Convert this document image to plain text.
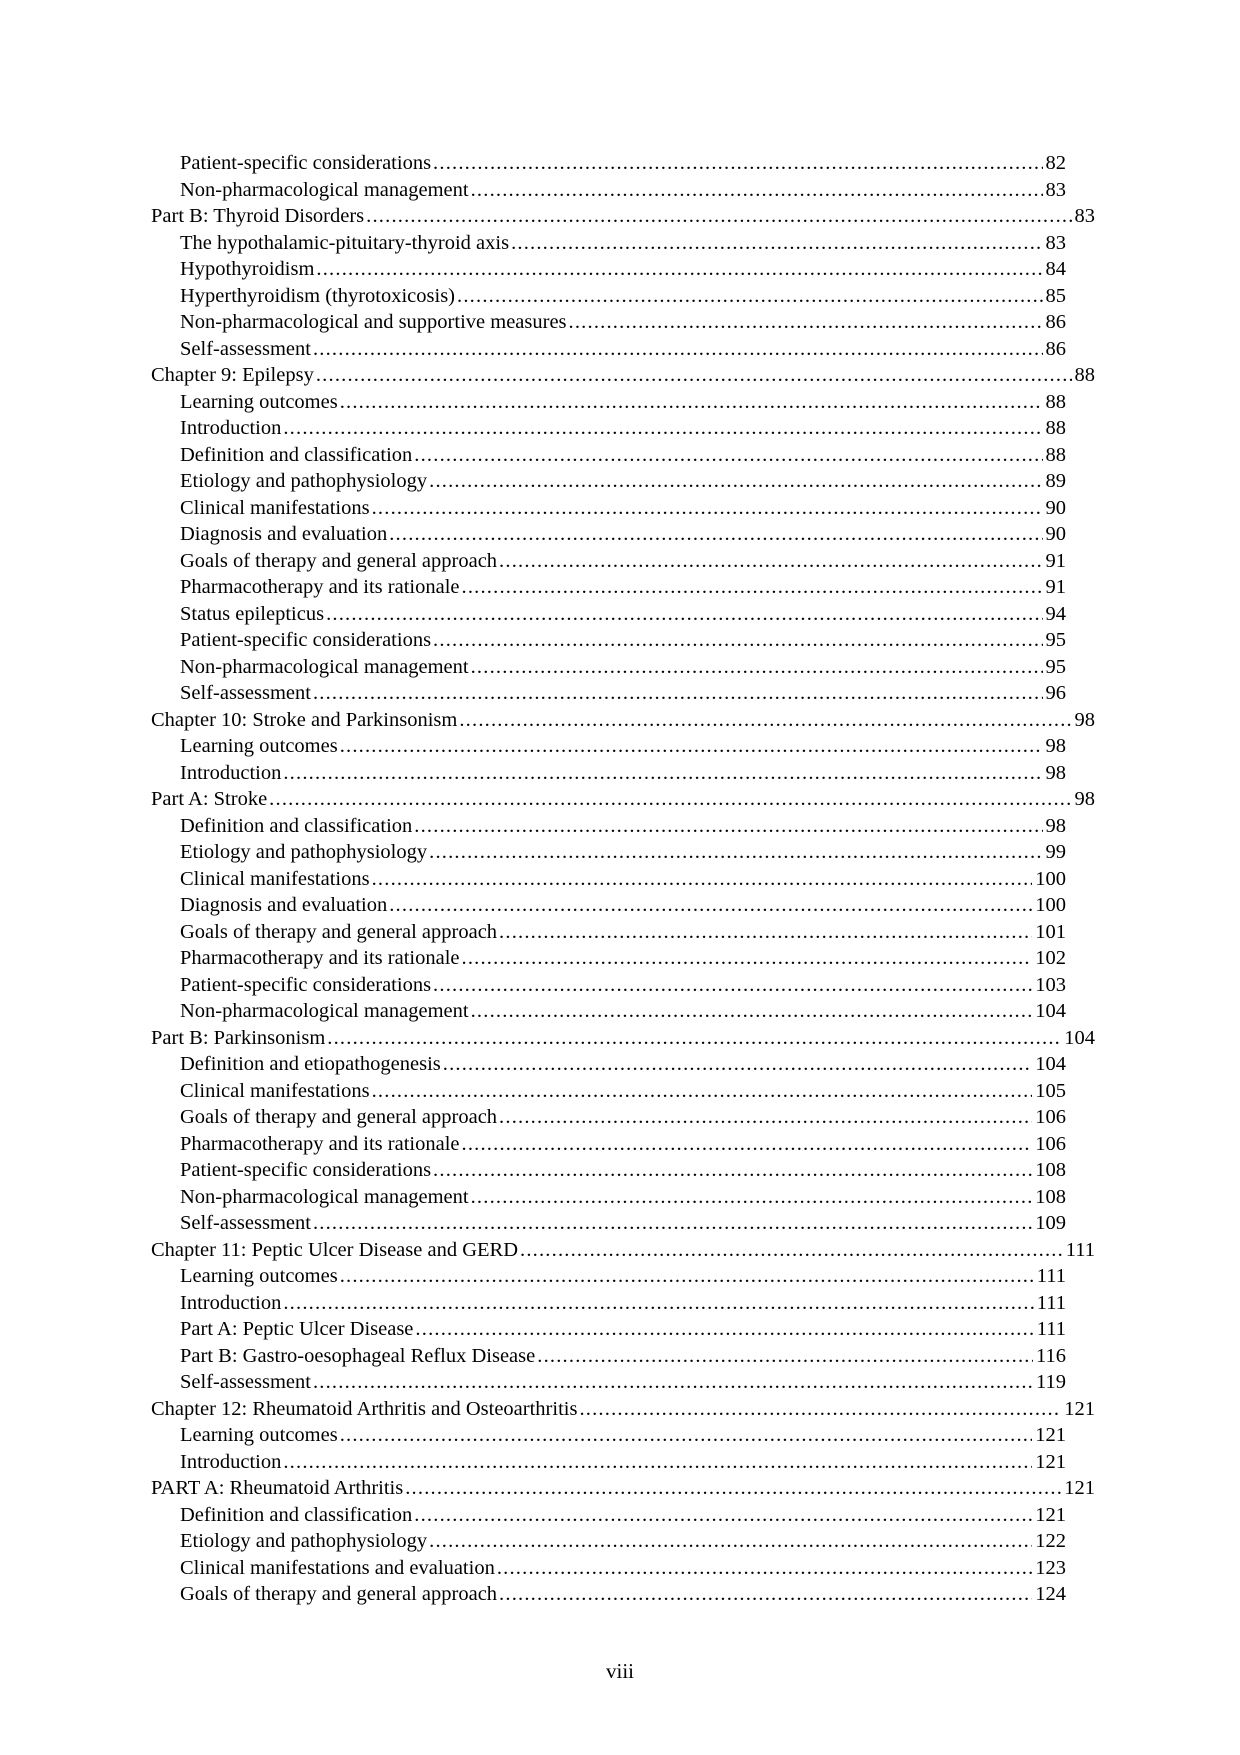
Patient-specific considerations .....	82
Non-pharmacological management .....	83
Part B: Thyroid Disorders .....	83
The hypothalamic-pituitary-thyroid axis .....	83
Hypothyroidism .....	84
Hyperthyroidism (thyrotoxicosis) .....	85
Non-pharmacological and supportive measures .....	86
Self-assessment .....	86
Chapter 9: Epilepsy .....	88
Learning outcomes .....	88
Introduction .....	88
Definition and classification .....	88
Etiology and pathophysiology .....	89
Clinical manifestations .....	90
Diagnosis and evaluation .....	90
Goals of therapy and general approach .....	91
Pharmacotherapy and its rationale .....	91
Status epilepticus .....	94
Patient-specific considerations .....	95
Non-pharmacological management .....	95
Self-assessment .....	96
Chapter 10: Stroke and Parkinsonism .....	98
Learning outcomes .....	98
Introduction .....	98
Part A: Stroke .....	98
Definition and classification .....	98
Etiology and pathophysiology .....	99
Clinical manifestations .....	100
Diagnosis and evaluation .....	100
Goals of therapy and general approach .....	101
Pharmacotherapy and its rationale .....	102
Patient-specific considerations .....	103
Non-pharmacological management .....	104
Part B: Parkinsonism .....	104
Definition and etiopathogenesis .....	104
Clinical manifestations .....	105
Goals of therapy and general approach .....	106
Pharmacotherapy and its rationale .....	106
Patient-specific considerations .....	108
Non-pharmacological management .....	108
Self-assessment .....	109
Chapter 11: Peptic Ulcer Disease and GERD .....	111
Learning outcomes .....	111
Introduction .....	111
Part A: Peptic Ulcer Disease .....	111
Part B: Gastro-oesophageal Reflux Disease .....	116
Self-assessment .....	119
Chapter 12: Rheumatoid Arthritis and Osteoarthritis .....	121
Learning outcomes .....	121
Introduction .....	121
PART A: Rheumatoid Arthritis .....	121
Definition and classification .....	121
Etiology and pathophysiology .....	122
Clinical manifestations and evaluation .....	123
Goals of therapy and general approach .....	124
viii
